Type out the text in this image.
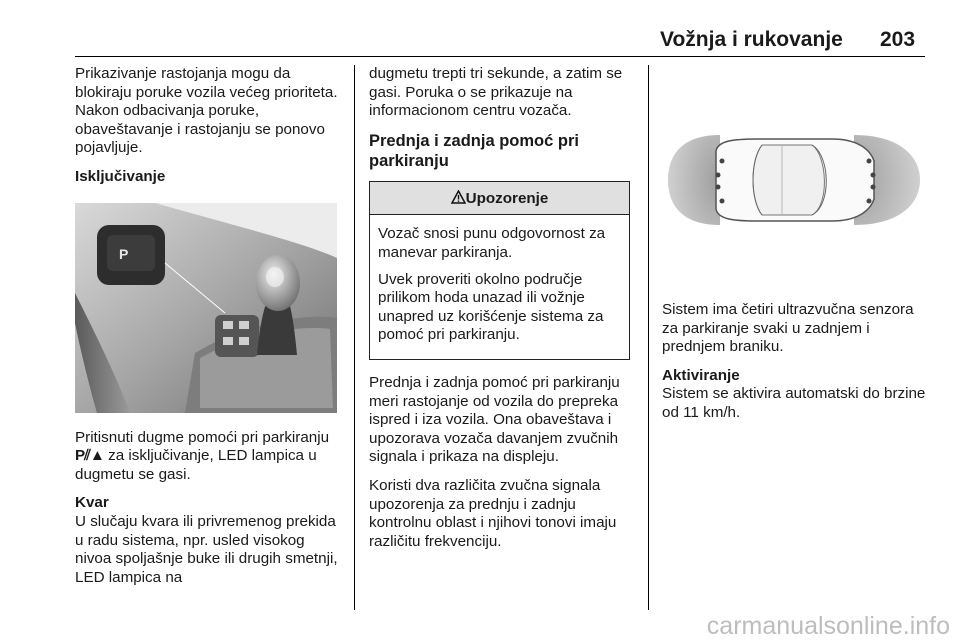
Vožnja i rukovanje 203

Prikazivanje rastojanja mogu da blokiraju poruke vozila većeg prioriteta. Nakon odbacivanja poruke, obaveštavanje i rastojanju se ponovo pojavljuje.

Isključivanje

P

Pritisnuti dugme pomoći pri parkiranju P⫽▲ za isključivanje, LED lampica u dugmetu se gasi.

Kvar
U slučaju kvara ili privremenog prekida u radu sistema, npr. usled visokog nivoa spoljašnje buke ili drugih smetnji, LED lampica na

dugmetu trepti tri sekunde, a zatim se gasi. Poruka o se prikazuje na informacionom centru vozača.

Prednja i zadnja pomoć pri parkiranju

Upozorenje

Vozač snosi punu odgovornost za manevar parkiranja.

Uvek proveriti okolno područje prilikom hoda unazad ili vožnje unapred uz korišćenje sistema za pomoć pri parkiranju.

Prednja i zadnja pomoć pri parkiranju meri rastojanje od vozila do prepreka ispred i iza vozila. Ona obaveštava i upozorava vozača davanjem zvučnih signala i prikaza na displeju.

Koristi dva različita zvučna signala upozorenja za prednju i zadnju kontrolnu oblast i njihovi tonovi imaju različitu frekvenciju.

Sistem ima četiri ultrazvučna senzora za parkiranje svaki u zadnjem i prednjem braniku.

Aktiviranje
Sistem se aktivira automatski do brzine od 11 km/h.

carmanualsonline.info
